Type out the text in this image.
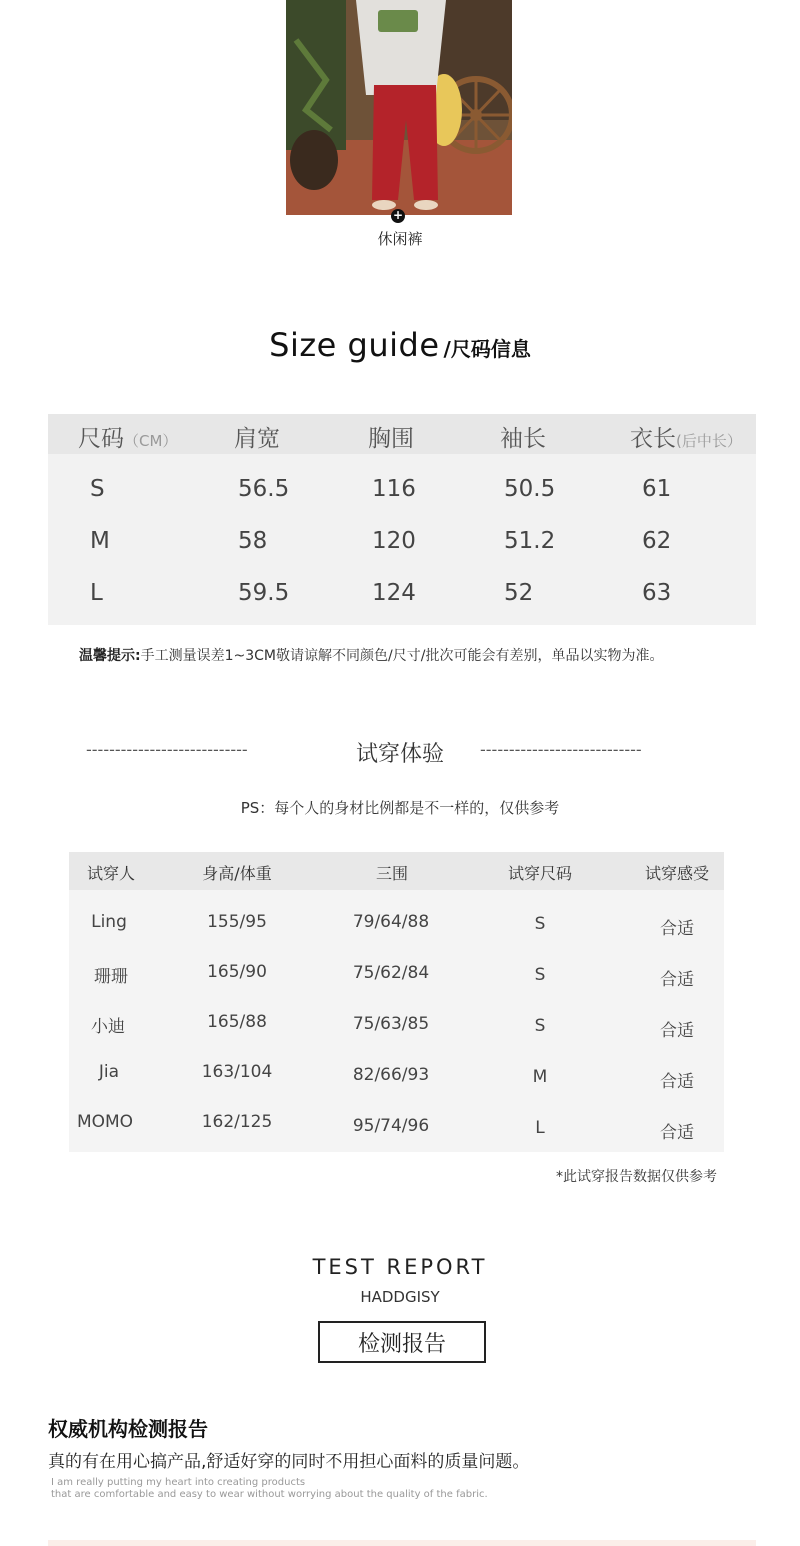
+
休闲裤
Size guide /尺码信息
尺码（CM） 肩宽	胸围	袖长	衣长(后中长）
S	56.5	116	50.5	61
M	58	120	51.2	62
L	59.5	124	52	63
温馨提示:手工测量误差1~3CM敬请谅解不同颜色/尺寸/批次可能会有差别，单品以实物为准。
----------------------------	试穿体验	----------------------------
PS：每个人的身材比例都是不一样的，仅供参考
试穿人	身高/体重	三围	试穿尺码	试穿感受
Ling	155/95	79/64/88	S	合适
珊珊	165/90	75/62/84	S	合适
小迪	165/88	75/63/85	S	合适
Jia	163/104	82/66/93	M	合适
MOMO	162/125	95/74/96	L	合适
*此试穿报告数据仅供参考
TEST REPORT
HADDGISY
检测报告
权威机构检测报告
真的有在用心搞产品,舒适好穿的同时不用担心面料的质量问题。
I am really putting my heart into creating products
that are comfortable and easy to wear without worrying about the quality of the fabric.
